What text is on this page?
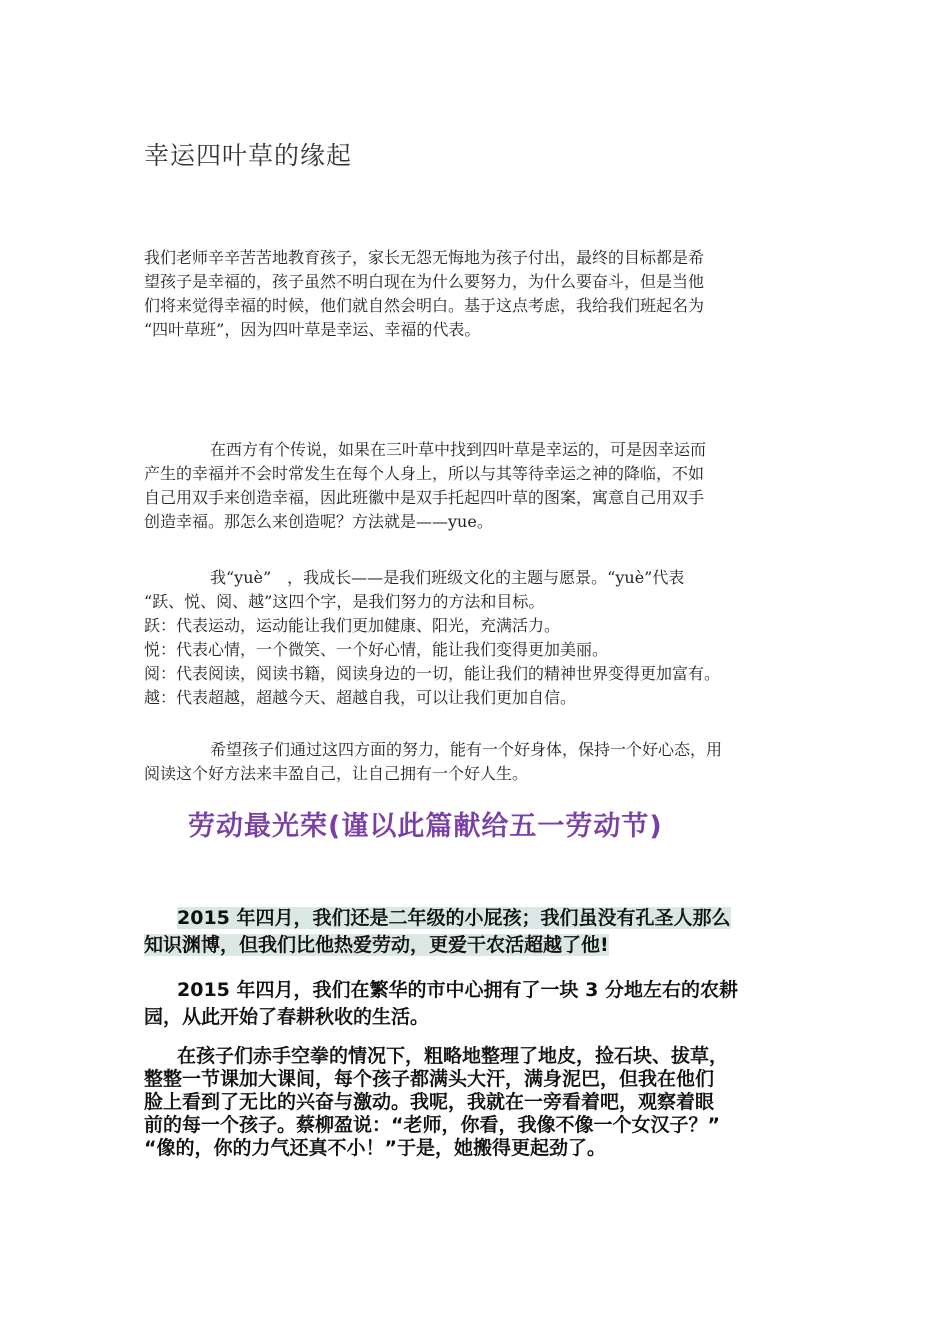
幸运四叶草的缘起

我们老师辛辛苦苦地教育孩子，家长无怨无悔地为孩子付出，最终的目标都是希
望孩子是幸福的，孩子虽然不明白现在为什么要努力，为什么要奋斗，但是当他
们将来觉得幸福的时候，他们就自然会明白。基于这点考虑，我给我们班起名为
“四叶草班”，因为四叶草是幸运、幸福的代表。

在西方有个传说，如果在三叶草中找到四叶草是幸运的，可是因幸运而
产生的幸福并不会时常发生在每个人身上，所以与其等待幸运之神的降临，不如
自己用双手来创造幸福，因此班徽中是双手托起四叶草的图案，寓意自己用双手
创造幸福。那怎么来创造呢？方法就是——yue。

我“yuè”　，我成长——是我们班级文化的主题与愿景。“yuè”代表
“跃、悦、阅、越”这四个字，是我们努力的方法和目标。
跃：代表运动，运动能让我们更加健康、阳光，充满活力。
悦：代表心情，一个微笑、一个好心情，能让我们变得更加美丽。
阅：代表阅读，阅读书籍，阅读身边的一切，能让我们的精神世界变得更加富有。
越：代表超越，超越今天、超越自我，可以让我们更加自信。

希望孩子们通过这四方面的努力，能有一个好身体，保持一个好心态，用
阅读这个好方法来丰盈自己，让自己拥有一个好人生。

劳动最光荣(谨以此篇献给五一劳动节)

2015 年四月，我们还是二年级的小屁孩；我们虽没有孔圣人那么
知识渊博，但我们比他热爱劳动，更爱干农活超越了他!

2015 年四月，我们在繁华的市中心拥有了一块 3 分地左右的农耕
园，从此开始了春耕秋收的生活。

在孩子们赤手空拳的情况下，粗略地整理了地皮，捡石块、拔草，
整整一节课加大课间，每个孩子都满头大汗，满身泥巴，但我在他们
脸上看到了无比的兴奋与激动。我呢，我就在一旁看着吧，观察着眼
前的每一个孩子。蔡柳盈说：“老师，你看，我像不像一个女汉子？”
“像的，你的力气还真不小！”于是，她搬得更起劲了。
